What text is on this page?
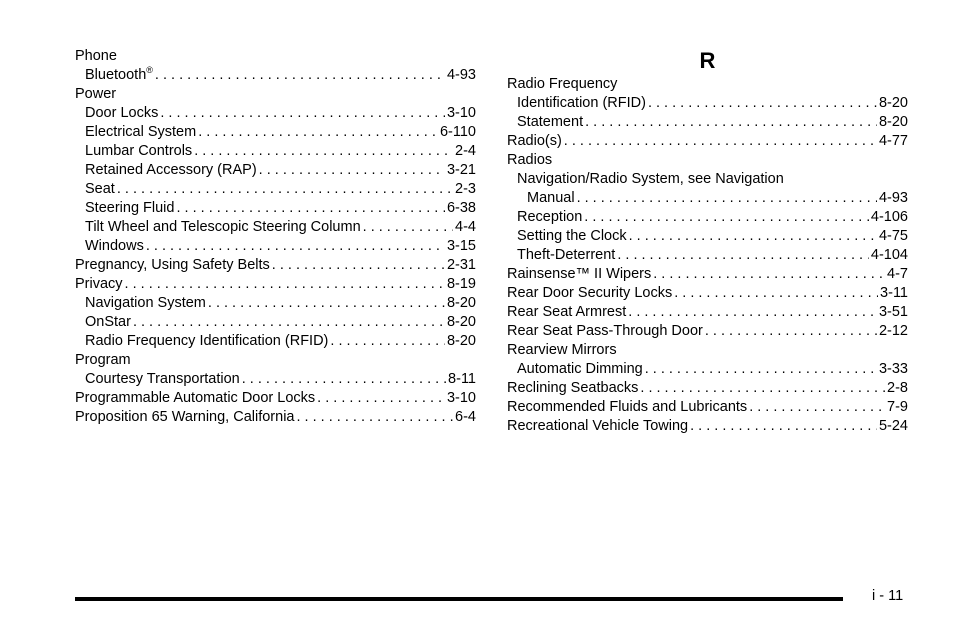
Phone
Bluetooth® . . .	4-93
Power
Door Locks . . .	3-10
Electrical System . . .	6-110
Lumbar Controls . . .	2-4
Retained Accessory (RAP) . . .	3-21
Seat . . .	2-3
Steering Fluid . . .	6-38
Tilt Wheel and Telescopic Steering Column . . .	4-4
Windows . . .	3-15
Pregnancy, Using Safety Belts . . .	2-31
Privacy . . .	8-19
Navigation System . . .	8-20
OnStar . . .	8-20
Radio Frequency Identification (RFID) . . .	8-20
Program
Courtesy Transportation . . .	8-11
Programmable Automatic Door Locks . . .	3-10
Proposition 65 Warning, California . . .	6-4
R
Radio Frequency
Identification (RFID) . . .	8-20
Statement . . .	8-20
Radio(s) . . .	4-77
Radios
Navigation/Radio System, see Navigation
Manual . . .	4-93
Reception . . .	4-106
Setting the Clock . . .	4-75
Theft-Deterrent . . .	4-104
Rainsense™ II Wipers . . .	4-7
Rear Door Security Locks . . .	3-11
Rear Seat Armrest . . .	3-51
Rear Seat Pass-Through Door . . .	2-12
Rearview Mirrors
Automatic Dimming . . .	3-33
Reclining Seatbacks . . .	2-8
Recommended Fluids and Lubricants . . .	7-9
Recreational Vehicle Towing . . .	5-24
i - 11
